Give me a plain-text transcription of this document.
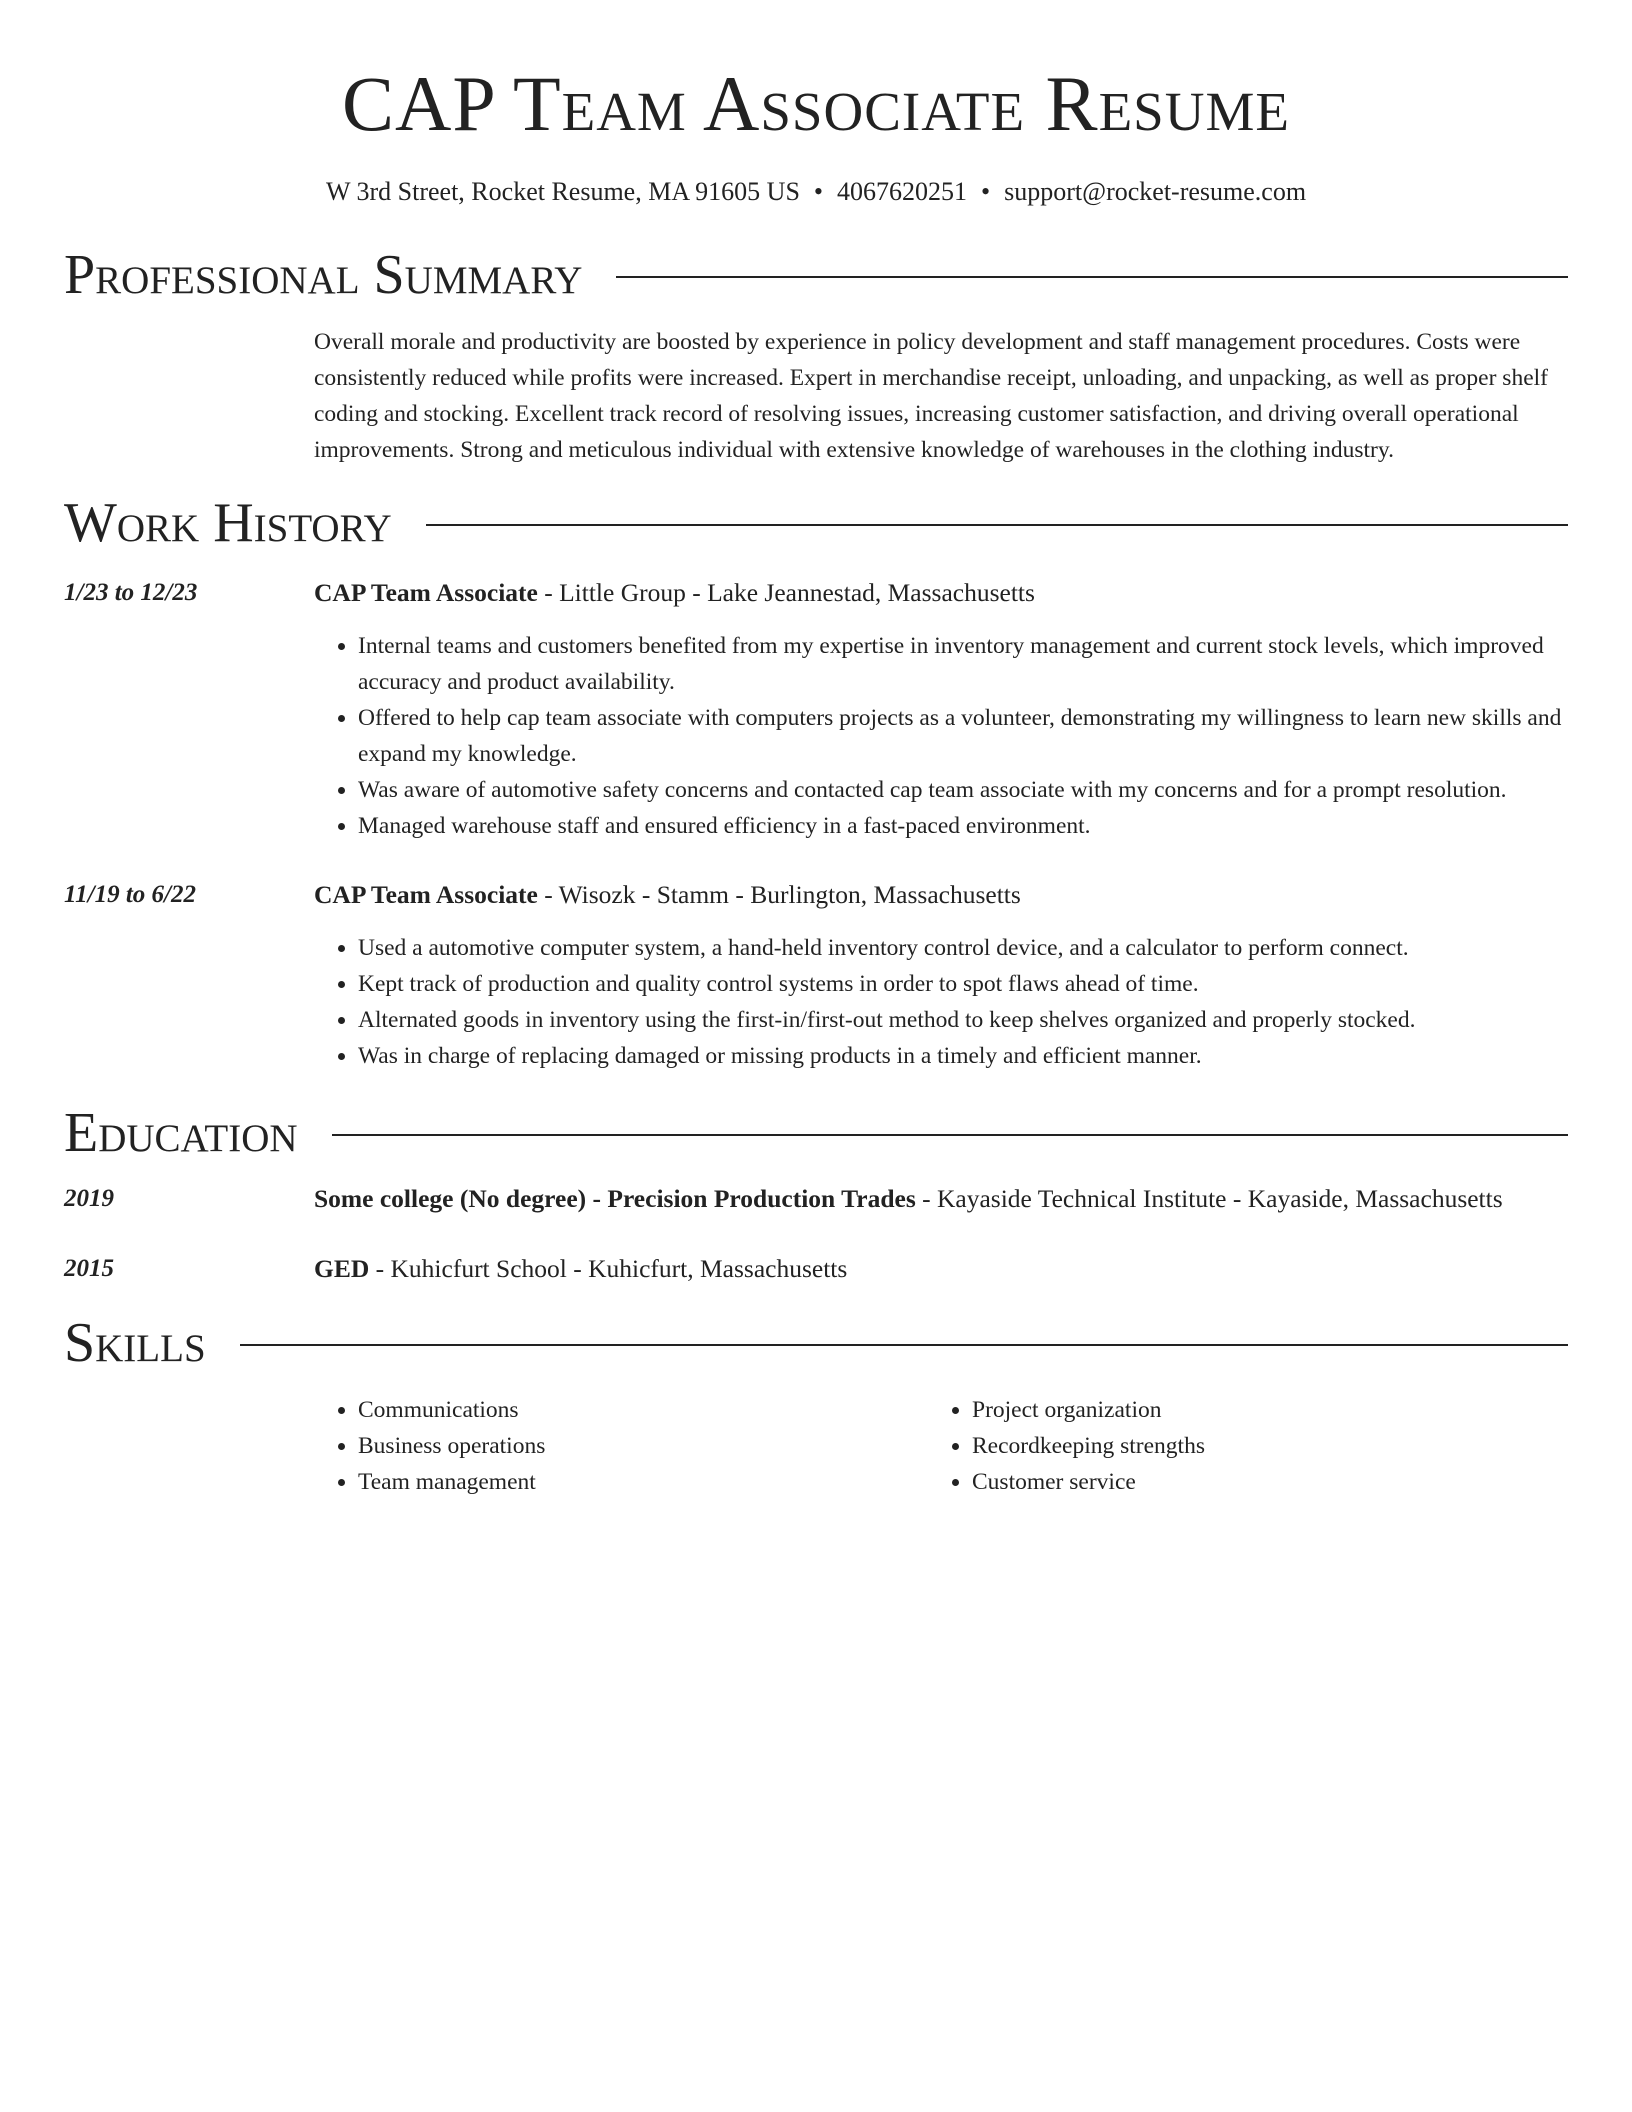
CAP Team Associate Resume
W 3rd Street, Rocket Resume, MA 91605 US • 4067620251 • support@rocket-resume.com
Professional Summary

Overall morale and productivity are boosted by experience in policy development and staff management procedures. Costs were consistently reduced while profits were increased. Expert in merchandise receipt, unloading, and unpacking, as well as proper shelf coding and stocking. Excellent track record of resolving issues, increasing customer satisfaction, and driving overall operational improvements. Strong and meticulous individual with extensive knowledge of warehouses in the clothing industry.

Work History
1/23 to 12/23	CAP Team Associate - Little Group - Lake Jeannestad, Massachusetts
• Internal teams and customers benefited from my expertise in inventory management and current stock levels, which improved accuracy and product availability.
• Offered to help cap team associate with computers projects as a volunteer, demonstrating my willingness to learn new skills and expand my knowledge.
• Was aware of automotive safety concerns and contacted cap team associate with my concerns and for a prompt resolution.
• Managed warehouse staff and ensured efficiency in a fast-paced environment.
11/19 to 6/22	CAP Team Associate - Wisozk - Stamm - Burlington, Massachusetts
• Used a automotive computer system, a hand-held inventory control device, and a calculator to perform connect.
• Kept track of production and quality control systems in order to spot flaws ahead of time.
• Alternated goods in inventory using the first-in/first-out method to keep shelves organized and properly stocked.
• Was in charge of replacing damaged or missing products in a timely and efficient manner.
Education
2019	Some college (No degree) - Precision Production Trades - Kayaside Technical Institute - Kayaside, Massachusetts
2015	GED - Kuhicfurt School - Kuhicfurt, Massachusetts
Skills
• Communications
• Business operations
• Team management
• Project organization
• Recordkeeping strengths
• Customer service
